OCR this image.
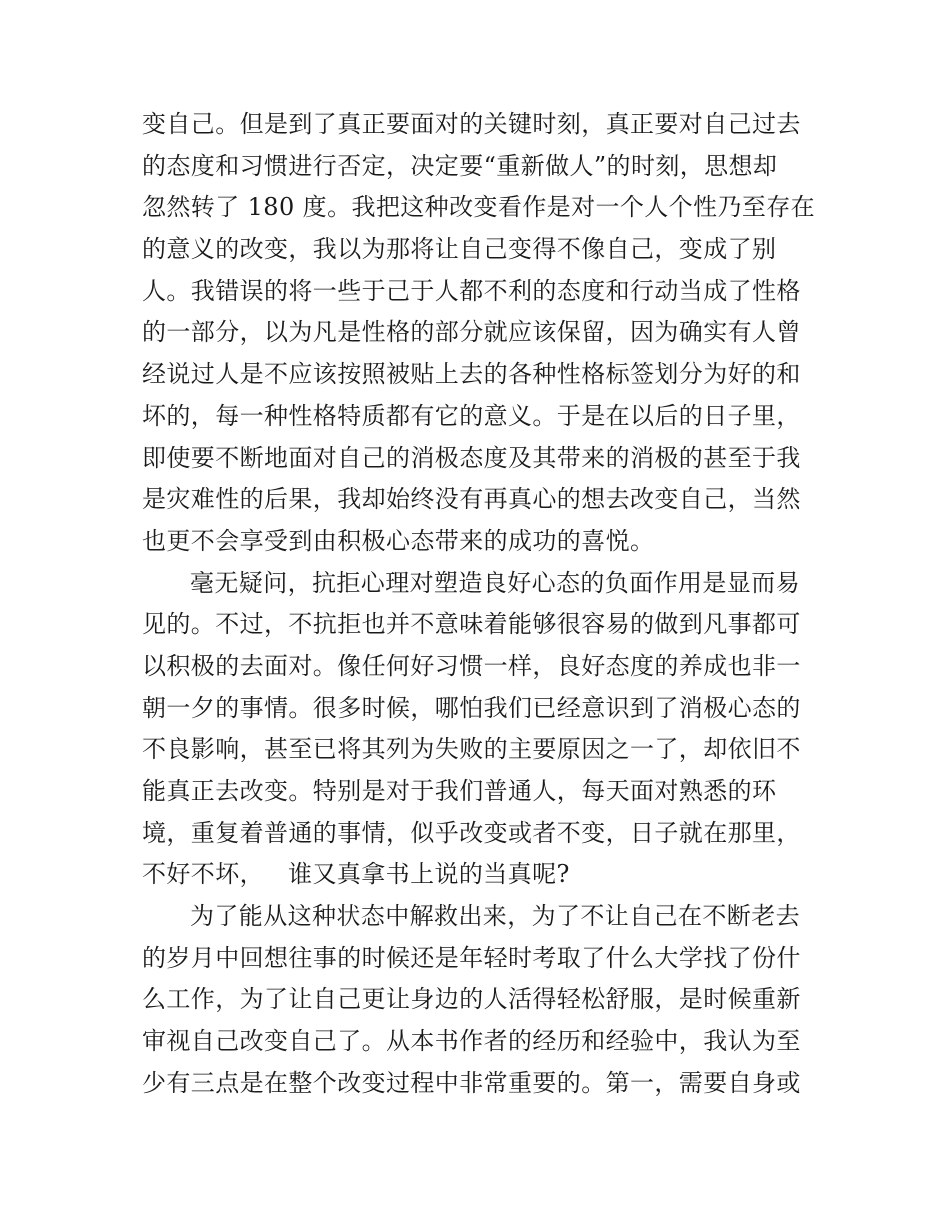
变自己。但是到了真正要面对的关键时刻，真正要对自己过去
的态度和习惯进行否定，决定要“重新做人”的时刻，思想却
忽然转了 180 度。我把这种改变看作是对一个人个性乃至存在
的意义的改变，我以为那将让自己变得不像自己，变成了别
人。我错误的将一些于己于人都不利的态度和行动当成了性格
的一部分，以为凡是性格的部分就应该保留，因为确实有人曾
经说过人是不应该按照被贴上去的各种性格标签划分为好的和
坏的，每一种性格特质都有它的意义。于是在以后的日子里，
即使要不断地面对自己的消极态度及其带来的消极的甚至于我
是灾难性的后果，我却始终没有再真心的想去改变自己，当然
也更不会享受到由积极心态带来的成功的喜悦。
毫无疑问，抗拒心理对塑造良好心态的负面作用是显而易
见的。不过，不抗拒也并不意味着能够很容易的做到凡事都可
以积极的去面对。像任何好习惯一样，良好态度的养成也非一
朝一夕的事情。很多时候，哪怕我们已经意识到了消极心态的
不良影响，甚至已将其列为失败的主要原因之一了，却依旧不
能真正去改变。特别是对于我们普通人，每天面对熟悉的环
境，重复着普通的事情，似乎改变或者不变，日子就在那里，
不好不坏，   谁又真拿书上说的当真呢?
为了能从这种状态中解救出来，为了不让自己在不断老去
的岁月中回想往事的时候还是年轻时考取了什么大学找了份什
么工作，为了让自己更让身边的人活得轻松舒服，是时候重新
审视自己改变自己了。从本书作者的经历和经验中，我认为至
少有三点是在整个改变过程中非常重要的。第一，需要自身或
